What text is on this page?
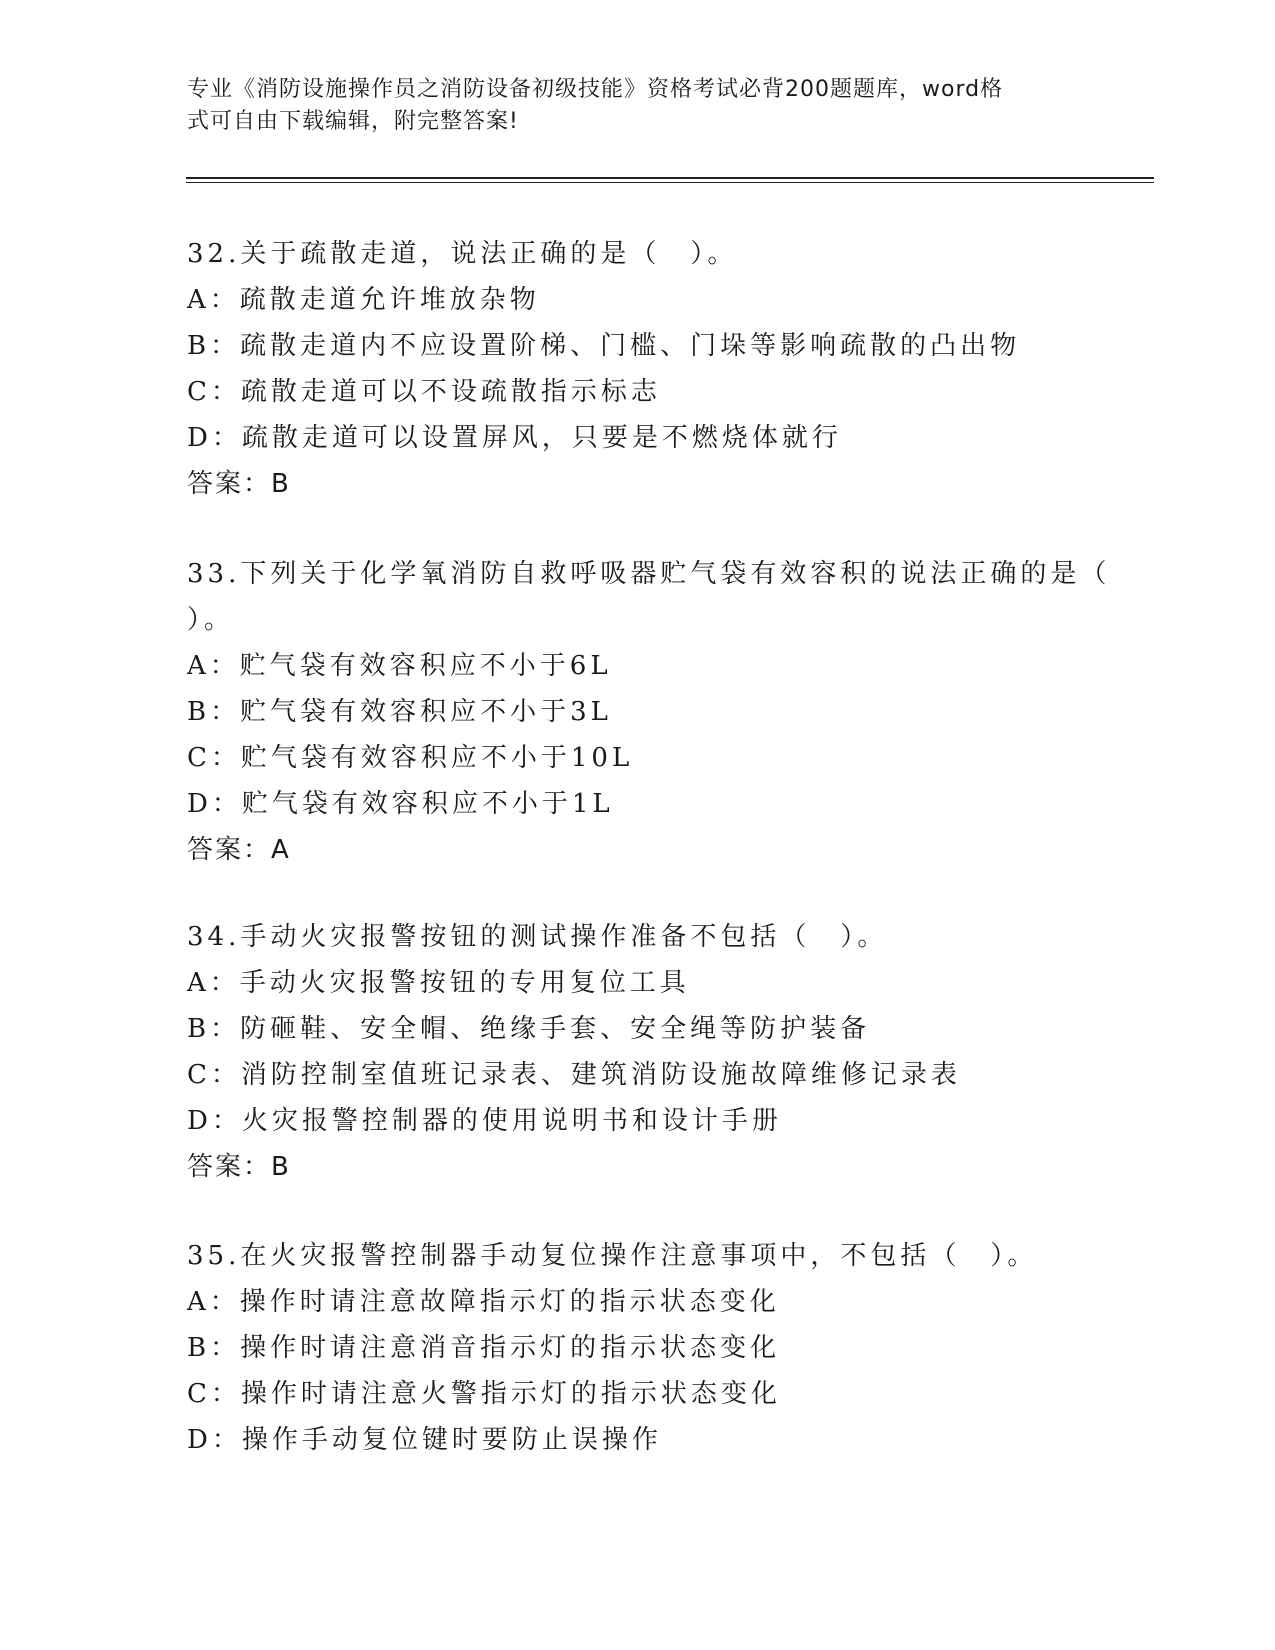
专业《消防设施操作员之消防设备初级技能》资格考试必背200题题库，word格
式可自由下载编辑，附完整答案!
32.关于疏散走道，说法正确的是（　）。
A：疏散走道允许堆放杂物
B：疏散走道内不应设置阶梯、门槛、门垛等影响疏散的凸出物
C：疏散走道可以不设疏散指示标志
D：疏散走道可以设置屏风，只要是不燃烧体就行
答案：B
33.下列关于化学氧消防自救呼吸器贮气袋有效容积的说法正确的是（
）。
A：贮气袋有效容积应不小于6L
B：贮气袋有效容积应不小于3L
C：贮气袋有效容积应不小于10L
D：贮气袋有效容积应不小于1L
答案：A
34.手动火灾报警按钮的测试操作准备不包括（　）。
A：手动火灾报警按钮的专用复位工具
B：防砸鞋、安全帽、绝缘手套、安全绳等防护装备
C：消防控制室值班记录表、建筑消防设施故障维修记录表
D：火灾报警控制器的使用说明书和设计手册
答案：B
35.在火灾报警控制器手动复位操作注意事项中，不包括（　）。
A：操作时请注意故障指示灯的指示状态变化
B：操作时请注意消音指示灯的指示状态变化
C：操作时请注意火警指示灯的指示状态变化
D：操作手动复位键时要防止误操作
